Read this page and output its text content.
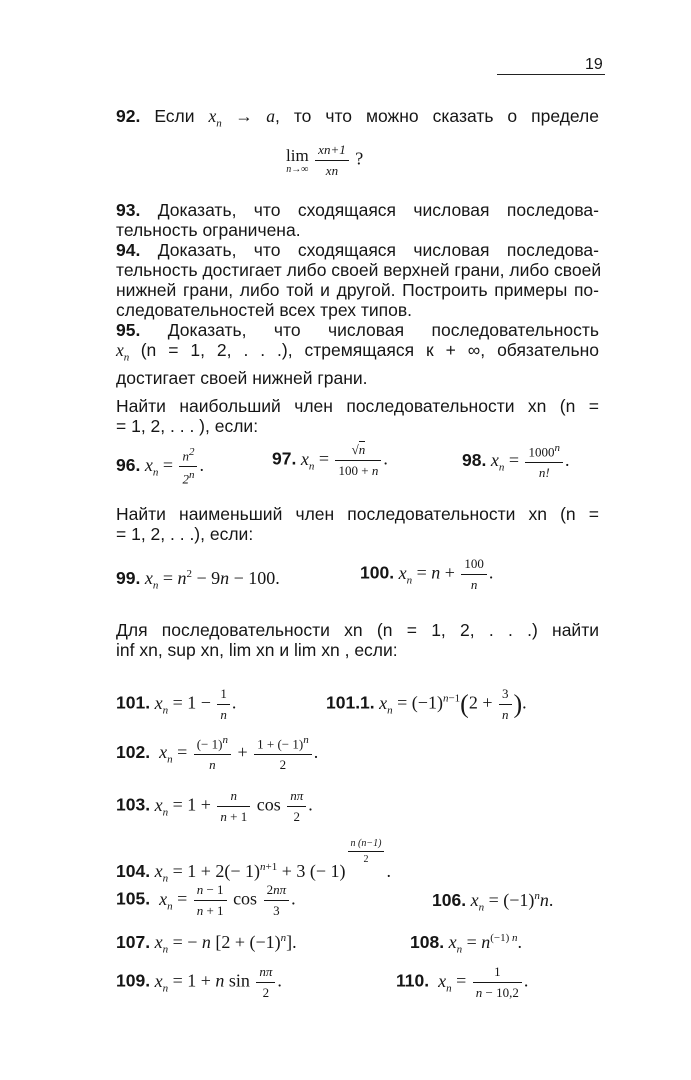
19
92. Если $x_n \to a$, то что можно сказать о пределе
lim
n→∞
$\frac{xn+1}{xn}$ ?
93. Доказать, что сходящаяся числовая последова-
тельность ограничена.
94. Доказать, что сходящаяся числовая последова-
тельность достигает либо своей верхней грани, либо своей
нижней грани, либо той и другой. Построить примеры по-
следовательностей всех трех типов.
95. Доказать, что числовая последовательность
$x_n$ (n = 1, 2, . . .), стремящаяся к + ∞, обязательно
достигает своей нижней грани.
Найти наибольший член последовательности xn (n =
= 1, 2, . . . ), если:
96. $x_n = \frac{n^2}{2^n}$ .	97. $x_n = \frac{√n}{100 + n}$ .	98. $x_n = \frac{1000^n}{n!}$ .
Найти наименьший член последовательности xn (n =
= 1, 2, . . .), если:
99. $x_n = n^2 - 9n - 100$.	100. $x_n = n + \frac{100}{n}$ .
Для последовательности xn (n = 1, 2, . . .) найти
inf xn, sup xn, lim xn и lim xn , если:
101. $x_n = 1 - \frac{1}{n}$ .	101.1. $x_n = (-1)^{n-1}(2 + \frac{3}{n}$ ).
102. $x_n = \frac{(- 1)^n}{n} + \frac{1 + (- 1)^n}{2}$ .
103. $x_n = 1 + \frac{n}{n + 1}$ $\cos \frac{n\pi}{2}$ .
104. $x_n = 1 + 2(- 1)^{n+1} + 3$ (− 1)
$^{\frac{n (n-1)}{2}}$
.
105. $x_n = \frac{n - 1}{n + 1}$ $\cos \frac{2n\pi}{3}$ .	106. $x_n = (-1)^nn$.
107. $x_n$ = − n $[2 + (-1)^n]$.	108. $x_n = n^{(-1) n}$.
109. $x_n = 1 + n$ $\sin \frac{n\pi}{2}$ .	110. $x_n = \frac{1}{n - 10,2}$ .
